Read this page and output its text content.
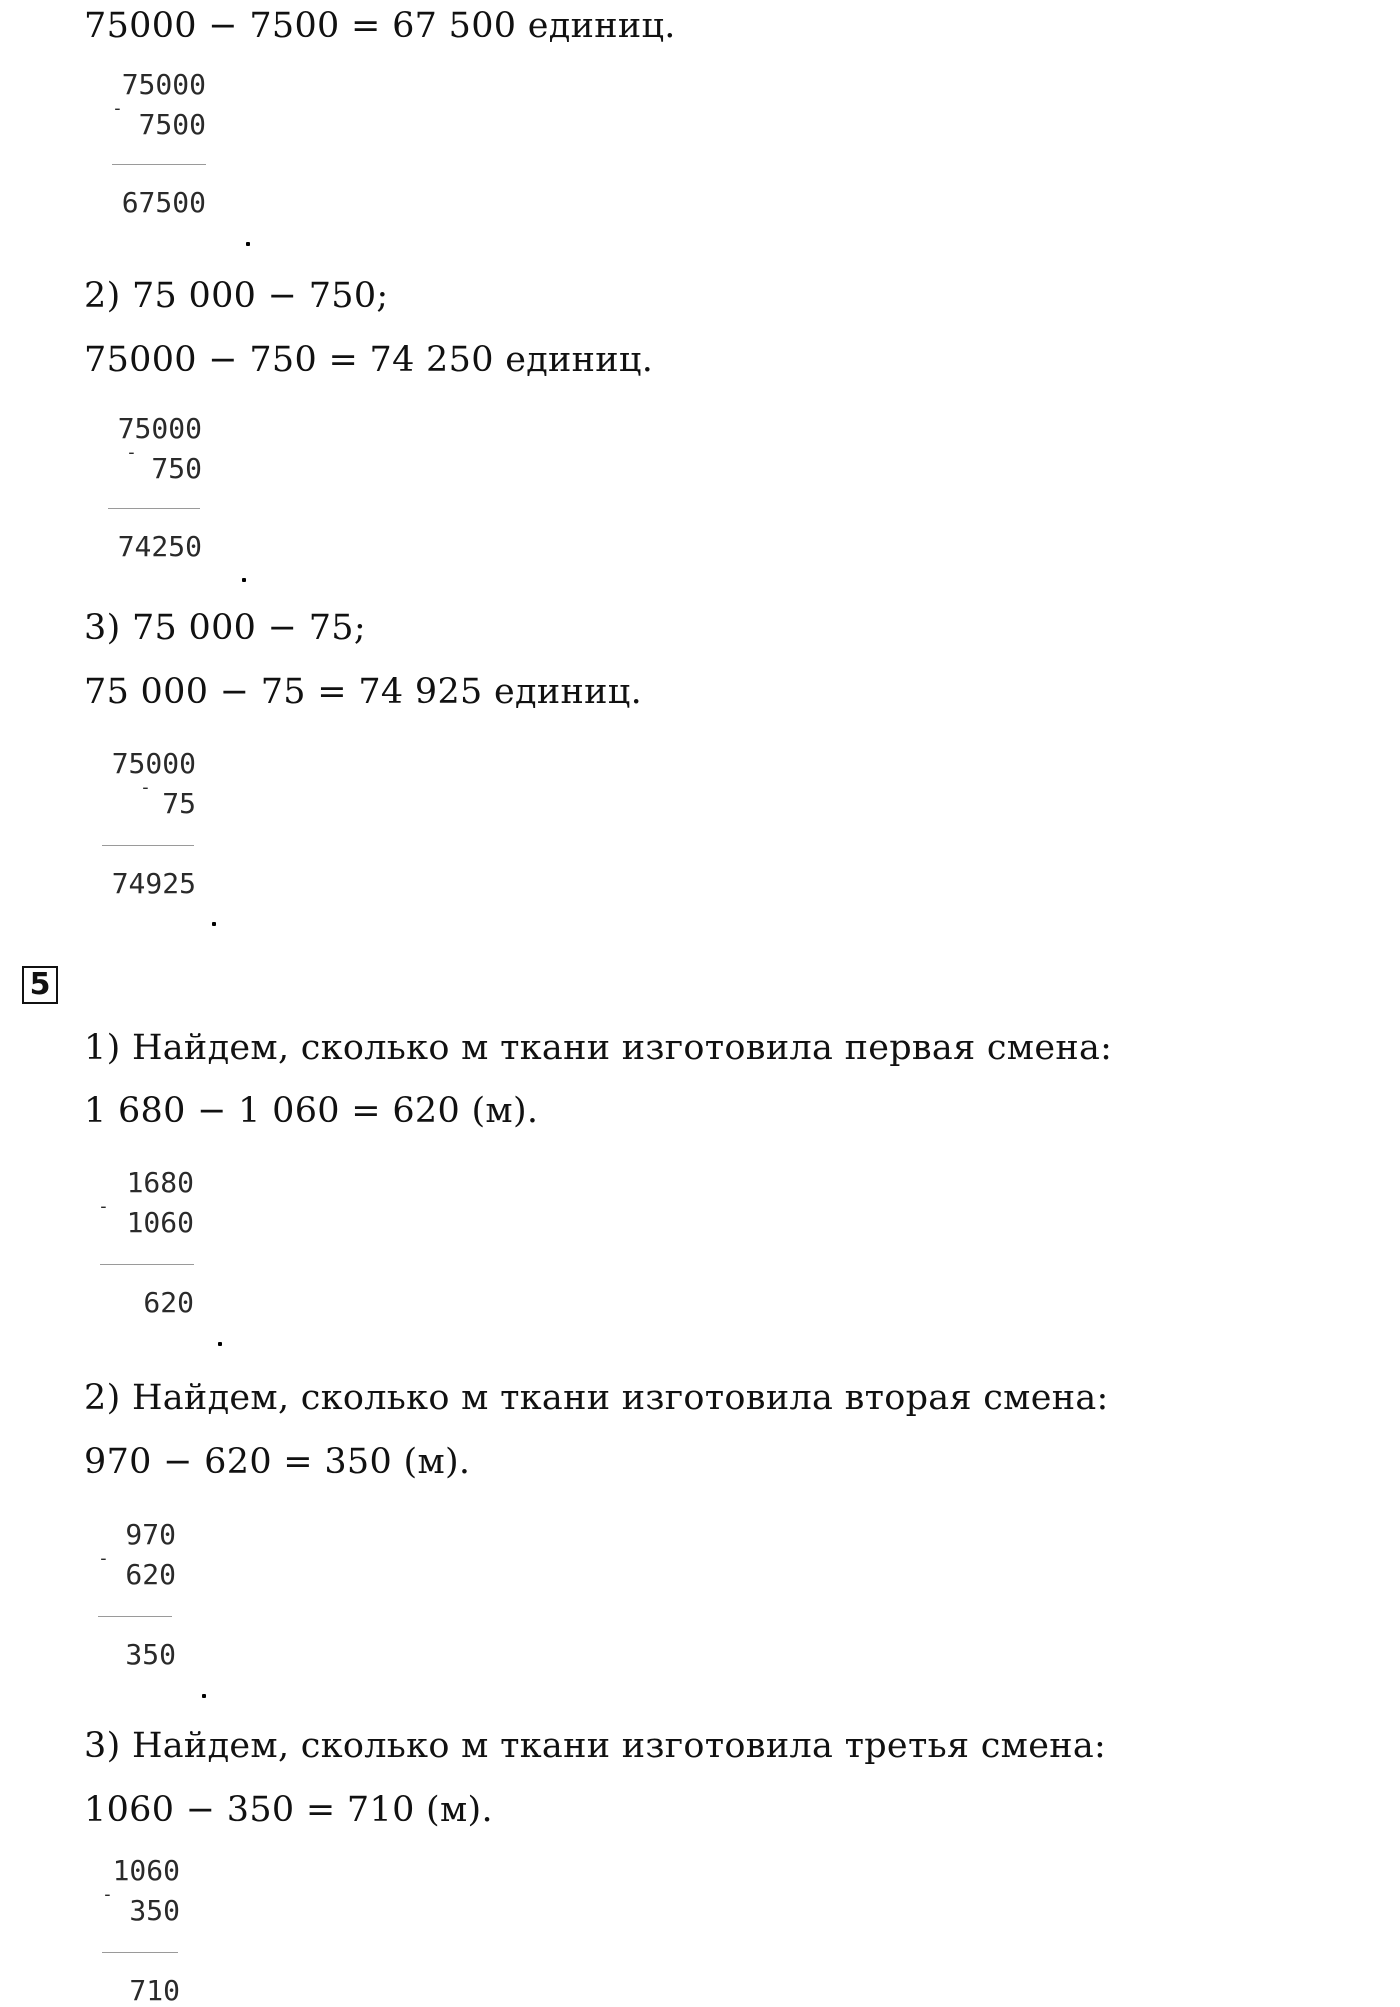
75000 − 7500 = 67 500 единиц.
75000
- 7500
67500
2) 75 000 − 750;
75000 − 750 = 74 250 единиц.
75000
- 750
74250
3) 75 000 − 75;
75 000 − 75 = 74 925 единиц.
75000
- 75
74925
5
1) Найдем, сколько м ткани изготовила первая смена:
1 680 − 1 060 = 620 (м).
-
1680
1060
620
2) Найдем, сколько м ткани изготовила вторая смена:
970 − 620 = 350 (м).
-
970
620
350
3) Найдем, сколько м ткани изготовила третья смена:
1060 − 350 = 710 (м).
1060
- 350
710
